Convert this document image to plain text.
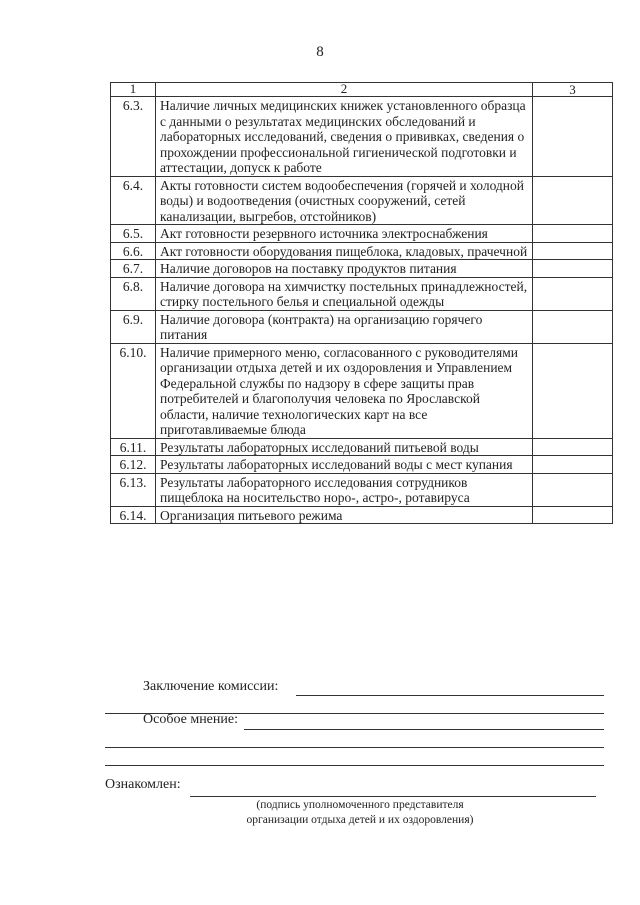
8
1	2	3
6.3.	Наличие личных медицинских книжек установленного образца с данными о результатах медицинских обследований и лабораторных исследований, сведения о прививках, сведения о прохождении профессиональной гигиенической подготовки и аттестации, допуск к работе	
6.4.	Акты готовности систем водообеспечения (горячей и холодной воды) и водоотведения (очистных сооружений, сетей канализации, выгребов, отстойников)	
6.5.	Акт готовности резервного источника электроснабжения	
6.6.	Акт готовности оборудования пищеблока, кладовых, прачечной	
6.7.	Наличие договоров на поставку продуктов питания	
6.8.	Наличие договора на химчистку постельных принадлежностей, стирку постельного белья и специальной одежды	
6.9.	Наличие договора (контракта) на организацию горячего питания	
6.10.	Наличие примерного меню, согласованного с руководителями организации отдыха детей и их оздоровления и Управлением Федеральной службы по надзору в сфере защиты прав потребителей и благополучия человека по Ярославской области, наличие технологических карт на все приготавливаемые блюда	
6.11.	Результаты лабораторных исследований питьевой воды	
6.12.	Результаты лабораторных исследований воды с мест купания	
6.13.	Результаты лабораторного исследования сотрудников пищеблока на носительство норо-, астро-, ротавируса	
6.14.	Организация питьевого режима	
Заключение комиссии:
Особое мнение:
Ознакомлен:
(подпись уполномоченного представителя
организации отдыха детей и их оздоровления)
